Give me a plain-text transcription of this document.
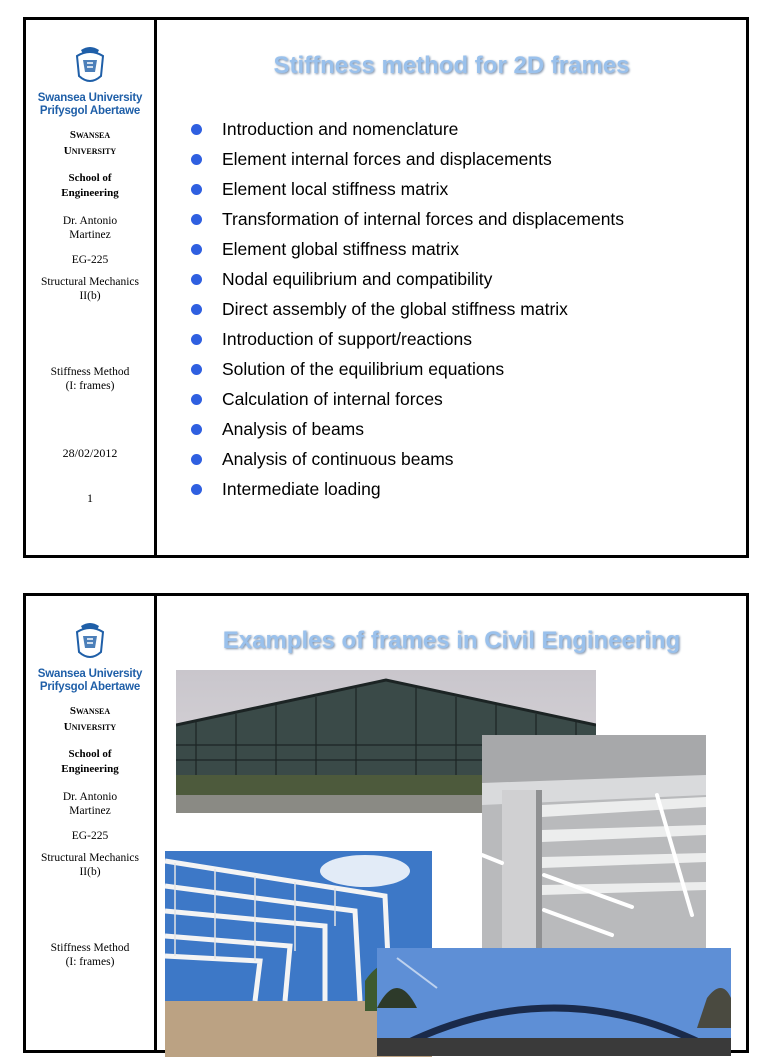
Swansea University
Prifysgol Abertawe
Swansea
University
School of
Engineering
Dr. Antonio
Martinez
EG-225
Structural Mechanics
II(b)
Stiffness Method
(I: frames)
28/02/2012
1
Stiffness method for 2D frames
Introduction and nomenclature
Element internal forces and displacements
Element local stiffness matrix
Transformation of internal forces and displacements
Element global stiffness matrix
Nodal equilibrium and compatibility
Direct assembly of the global stiffness matrix
Introduction of support/reactions
Solution of the equilibrium equations
Calculation of internal forces
Analysis of beams
Analysis of continuous beams
Intermediate loading
Swansea University
Prifysgol Abertawe
Swansea
University
School of
Engineering
Dr. Antonio
Martinez
EG-225
Structural Mechanics
II(b)
Stiffness Method
(I: frames)
Examples of frames in Civil Engineering
